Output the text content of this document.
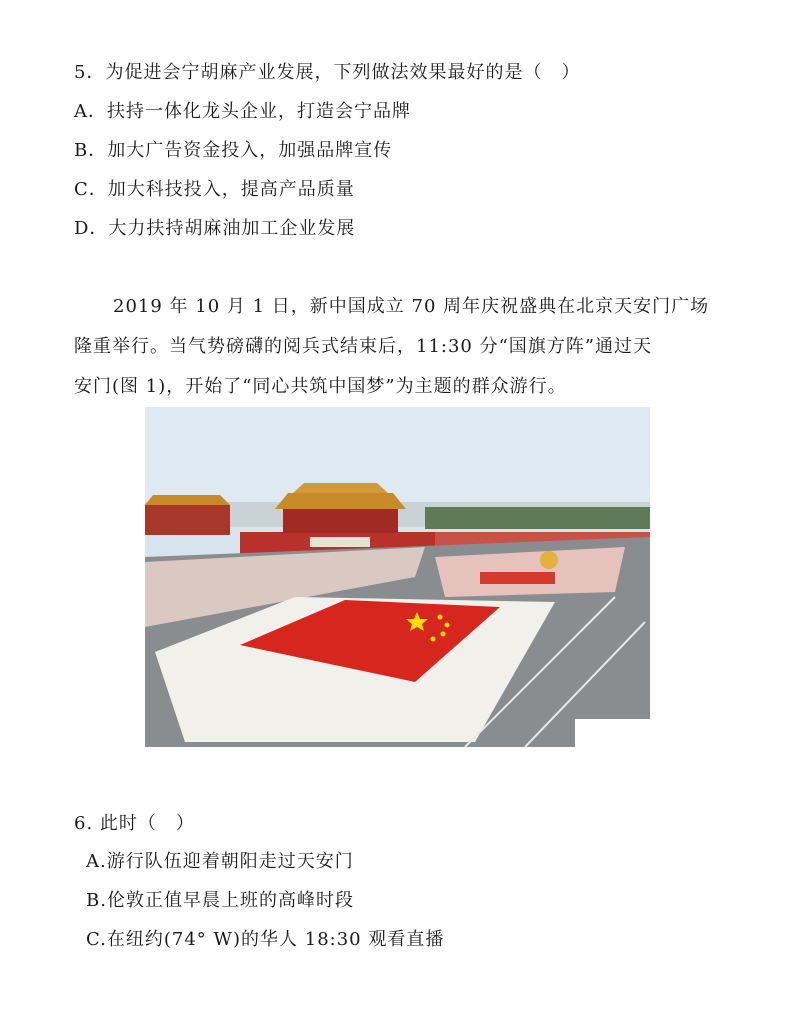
5．为促进会宁胡麻产业发展，下列做法效果最好的是（　）
A．扶持一体化龙头企业，打造会宁品牌
B．加大广告资金投入，加强品牌宣传
C．加大科技投入，提高产品质量
D．大力扶持胡麻油加工企业发展
2019 年 10 月 1 日，新中国成立 70 周年庆祝盛典在北京天安门广场
隆重举行。当气势磅礴的阅兵式结束后，11:30 分“国旗方阵”通过天
安门(图 1)，开始了“同心共筑中国梦”为主题的群众游行。
6. 此时（　）
A.游行队伍迎着朝阳走过天安门
B.伦敦正值早晨上班的高峰时段
C.在纽约(74° W)的华人 18:30 观看直播
